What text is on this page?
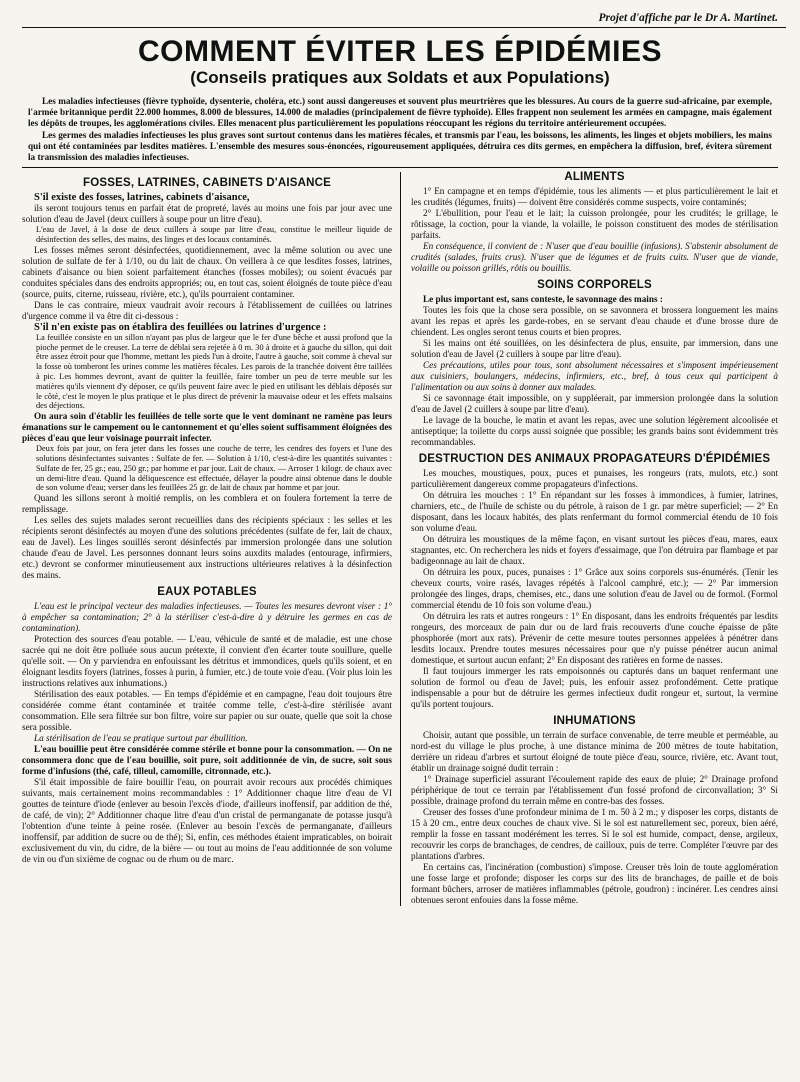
Projet d'affiche par le Dr A. Martinet.
COMMENT ÉVITER LES ÉPIDÉMIES
(Conseils pratiques aux Soldats et aux Populations)

Les maladies infectieuses (fièvre typhoïde, dysenterie, choléra, etc.) sont aussi dangereuses et souvent plus meurtrières que les blessures. Au cours de la guerre sud-africaine, par exemple, l'armée britannique perdit 22.000 hommes, 8.000 de blessures, 14.000 de maladies (principalement de fièvre typhoïde). Elles frappent non seulement les armées en campagne, mais également les dépôts de troupes, les agglomérations civiles. Elles menacent plus particulièrement les populations réoccupant les régions du territoire antérieurement occupées.

Les germes des maladies infectieuses les plus graves sont surtout contenus dans les matières fécales, et transmis par l'eau, les boissons, les aliments, les linges et objets mobiliers, les mains qui ont été contaminées par lesdites matières. L'ensemble des mesures sous-énoncées, rigoureusement appliquées, détruira ces dits germes, en empêchera la diffusion, bref, évitera sûrement la transmission des maladies infectieuses.

FOSSES, LATRINES, CABINETS D'AISANCE

S'il existe des fosses, latrines, cabinets d'aisance,

ils seront toujours tenus en parfait état de propreté, lavés au moins une fois par jour avec une solution d'eau de Javel (deux cuillers à soupe pour un litre d'eau).

L'eau de Javel, à la dose de deux cuillers à soupe par litre d'eau, constitue le meilleur liquide de désinfection des selles, des mains, des linges et des locaux contaminés.

Les fosses mêmes seront désinfectées, quotidiennement, avec la même solution ou avec une solution de sulfate de fer à 1/10, ou du lait de chaux. On veillera à ce que lesdites fosses, latrines, cabinets d'aisance ou bien soient parfaitement étanches (fosses mobiles); ou soient évacués par conduites spéciales dans des endroits appropriés; ou, en tout cas, soient éloignés de toute pièce d'eau (source, puits, citerne, ruisseau, rivière, etc.), qu'ils pourraient contaminer.

Dans le cas contraire, mieux vaudrait avoir recours à l'établissement de cuillées ou latrines d'urgence comme il va être dit ci-dessous :

S'il n'en existe pas on établira des feuillées ou latrines d'urgence :

La feuillée consiste en un sillon n'ayant pas plus de largeur que le fer d'une bêche et aussi profond que la pioche permet de le creuser. La terre de déblai sera rejetée à 0 m. 30 à droite et à gauche du sillon, qui doit être assez étroit pour que l'homme, mettant les pieds l'un à droite, l'autre à gauche, soit comme à cheval sur la fosse où tomberont les urines comme les matières fécales. Les parois de la tranchée doivent être taillées à pic. Les hommes devront, avant de quitter la feuillée, faire tomber un peu de terre meuble sur les matières qu'ils viennent d'y déposer, ce qu'ils peuvent faire avec le pied en utilisant les déblais déposés sur le côté, c'est le moyen le plus pratique et le plus direct de prévenir la mauvaise odeur et les effets malsains des déjections.

On aura soin d'établir les feuillées de telle sorte que le vent dominant ne ramène pas leurs émanations sur le campement ou le cantonnement et qu'elles soient suffisamment éloignées des pièces d'eau que leur voisinage pourrait infecter.

Deux fois par jour, on fera jeter dans les fosses une couche de terre, les cendres des foyers et l'une des solutions désinfectantes suivantes : Sulfate de fer. — Solution à 1/10, c'est-à-dire les quantités suivantes : Sulfate de fer, 25 gr.; eau, 250 gr.; par homme et par jour. Lait de chaux. — Arroser 1 kilogr. de chaux avec un demi-litre d'eau. Quand la déliquescence est effectuée, délayer la poudre ainsi obtenue dans le double de son volume d'eau; verser dans les feuillées 25 gr. de lait de chaux par homme et par jour.

Quand les sillons seront à moitié remplis, on les comblera et on foulera fortement la terre de remplissage.

Les selles des sujets malades seront recueillies dans des récipients spéciaux : les selles et les récipients seront désinfectés au moyen d'une des solutions précédentes (sulfate de fer, lait de chaux, eau de Javel). Les linges souillés seront désinfectés par immersion prolongée dans une solution chaude d'eau de Javel. Les personnes donnant leurs soins auxdits malades (entourage, infirmiers, etc.) devront se conformer minutieusement aux instructions ultérieures relatives à la désinfection des mains.

EAUX POTABLES

L'eau est le principal vecteur des maladies infectieuses. — Toutes les mesures devront viser : 1° à empêcher sa contamination; 2° à la stériliser c'est-à-dire à y détruire les germes en cas de contamination).

Protection des sources d'eau potable. — L'eau, véhicule de santé et de maladie, est une chose sacrée qui ne doit être polluée sous aucun prétexte, il convient d'en écarter toute souillure, quelle qu'elle soit. — On y parviendra en enfouissant les détritus et immondices, quels qu'ils soient, et en éloignant lesdits foyers (latrines, fosses à purin, à fumier, etc.) de toute voie d'eau. (Voir plus loin les instructions relatives aux inhumations.)

Stérilisation des eaux potables. — En temps d'épidémie et en campagne, l'eau doit toujours être considérée comme étant contaminée et traitée comme telle, c'est-à-dire stérilisée avant consommation. Elle sera filtrée sur bon filtre, voire sur papier ou sur ouate, quelle que soit la chose sera possible.

La stérilisation de l'eau se pratique surtout par ébullition.

L'eau bouillie peut être considérée comme stérile et bonne pour la consommation. — On ne consommera donc que de l'eau bouillie, soit pure, soit additionnée de vin, de sucre, soit sous forme d'infusions (thé, café, tilleul, camomille, citronnade, etc.).

S'il était impossible de faire bouillir l'eau, on pourrait avoir recours aux procédés chimiques suivants, mais certainement moins recommandables : 1° Additionner chaque litre d'eau de VI gouttes de teinture d'iode (enlever au besoin l'excès d'iode, d'ailleurs inoffensif, par addition de thé, de café, de vin); 2° Additionner chaque litre d'eau d'un cristal de permanganate de potasse jusqu'à l'obtention d'une teinte à peine rosée. (Enlever au besoin l'excès de permanganate, d'ailleurs inoffensif, par addition de sucre ou de thé); Si, enfin, ces méthodes étaient impraticables, on boirait exclusivement du vin, du cidre, de la bière — ou tout au moins de l'eau additionnée de son volume de vin ou d'un sixième de cognac ou de rhum ou de marc.

ALIMENTS

1° En campagne et en temps d'épidémie, tous les aliments — et plus particulièrement le lait et les crudités (légumes, fruits) — doivent être considérés comme suspects, voire contaminés;

2° L'ébullition, pour l'eau et le lait; la cuisson prolongée, pour les crudités; le grillage, le rôtissage, la coction, pour la viande, la volaille, le poisson constituent des modes de stérilisation parfaits.

En conséquence, il convient de : N'user que d'eau bouillie (infusions). S'abstenir absolument de crudités (salades, fruits crus). N'user que de légumes et de fruits cuits. N'user que de viande, volaille ou poisson grillés, rôtis ou bouillis.

SOINS CORPORELS

Le plus important est, sans conteste, le savonnage des mains :

Toutes les fois que la chose sera possible, on se savonnera et brossera longuement les mains avant les repas et après les garde-robes, en se servant d'eau chaude et d'une brosse dure de chiendent. Les ongles seront tenus courts et bien propres.

Si les mains ont été souillées, on les désinfectera de plus, ensuite, par immersion, dans une solution d'eau de Javel (2 cuillers à soupe par litre d'eau).

Ces précautions, utiles pour tous, sont absolument nécessaires et s'imposent impérieusement aux cuisiniers, boulangers, médecins, infirmiers, etc., bref, à tous ceux qui participent à l'alimentation ou aux soins à donner aux malades.

Si ce savonnage était impossible, on y suppléerait, par immersion prolongée dans la solution d'eau de Javel (2 cuillers à soupe par litre d'eau).

Le lavage de la bouche, le matin et avant les repas, avec une solution légèrement alcoolisée et antiseptique; la toilette du corps aussi soignée que possible; les grands bains sont évidemment très recommandables.

DESTRUCTION DES ANIMAUX PROPAGATEURS D'ÉPIDÉMIES

Les mouches, moustiques, poux, puces et punaises, les rongeurs (rats, mulots, etc.) sont particulièrement dangereux comme propagateurs d'infections.

On détruira les mouches : 1° En répandant sur les fosses à immondices, à fumier, latrines, charniers, etc., de l'huile de schiste ou du pétrole, à raison de 1 gr. par mètre superficiel; — 2° En disposant, dans les locaux habités, des plats renfermant du formol commercial étendu de 10 fois son volume d'eau.

On détruira les moustiques de la même façon, en visant surtout les pièces d'eau, mares, eaux stagnantes, etc. On recherchera les nids et foyers d'essaimage, que l'on détruira par flambage et par badigeonnage au lait de chaux.

On détruira les poux, puces, punaises : 1° Grâce aux soins corporels sus-énumérés. (Tenir les cheveux courts, voire rasés, lavages répétés à l'alcool camphré, etc.); — 2° Par immersion prolongée des linges, draps, chemises, etc., dans une solution d'eau de Javel ou de formol. (Formol commercial étendu de 10 fois son volume d'eau.)

On détruira les rats et autres rongeurs : 1° En disposant, dans les endroits fréquentés par lesdits rongeurs, des morceaux de pain dur ou de lard frais recouverts d'une couche épaisse de pâte phosphorée (mort aux rats). Prévenir de cette mesure toutes personnes appelées à pénétrer dans lesdits locaux. Prendre toutes mesures nécessaires pour que n'y puisse pénétrer aucun animal domestique, et surtout aucun enfant; 2° En disposant des ratières en forme de nasses.

Il faut toujours immerger les rats empoisonnés ou capturés dans un baquet renfermant une solution de formol ou d'eau de Javel; puis, les enfouir assez profondément. Cette pratique indispensable a pour but de détruire les germes infectieux dudit rongeur et, surtout, la vermine qu'ils portent toujours.

INHUMATIONS

Choisir, autant que possible, un terrain de surface convenable, de terre meuble et perméable, au nord-est du village le plus proche, à une distance minima de 200 mètres de toute habitation, derrière un rideau d'arbres et surtout éloigné de toute pièce d'eau, source, rivière, etc. Avant tout, établir un drainage soigné dudit terrain :

1° Drainage superficiel assurant l'écoulement rapide des eaux de pluie; 2° Drainage profond périphérique de tout ce terrain par l'établissement d'un fossé profond de circonvallation; 3° Si possible, drainage profond du terrain même en contre-bas des fosses.

Creuser des fosses d'une profondeur minima de 1 m. 50 à 2 m.; y disposer les corps, distants de 15 à 20 cm., entre deux couches de chaux vive. Si le sol est naturellement sec, poreux, bien aéré, remplir la fosse en tassant modérément les terres. Si le sol est humide, compact, dense, argileux, recouvrir les corps de branchages, de cendres, de cailloux, puis de terre. Compléter l'œuvre par des plantations d'arbres.

En certains cas, l'incinération (combustion) s'impose. Creuser très loin de toute agglomération une fosse large et profonde; disposer les corps sur des lits de branchages, de paille et de bois formant bûchers, arroser de matières inflammables (pétrole, goudron) : incinérer. Les cendres ainsi obtenues seront enfouies dans la fosse même.
